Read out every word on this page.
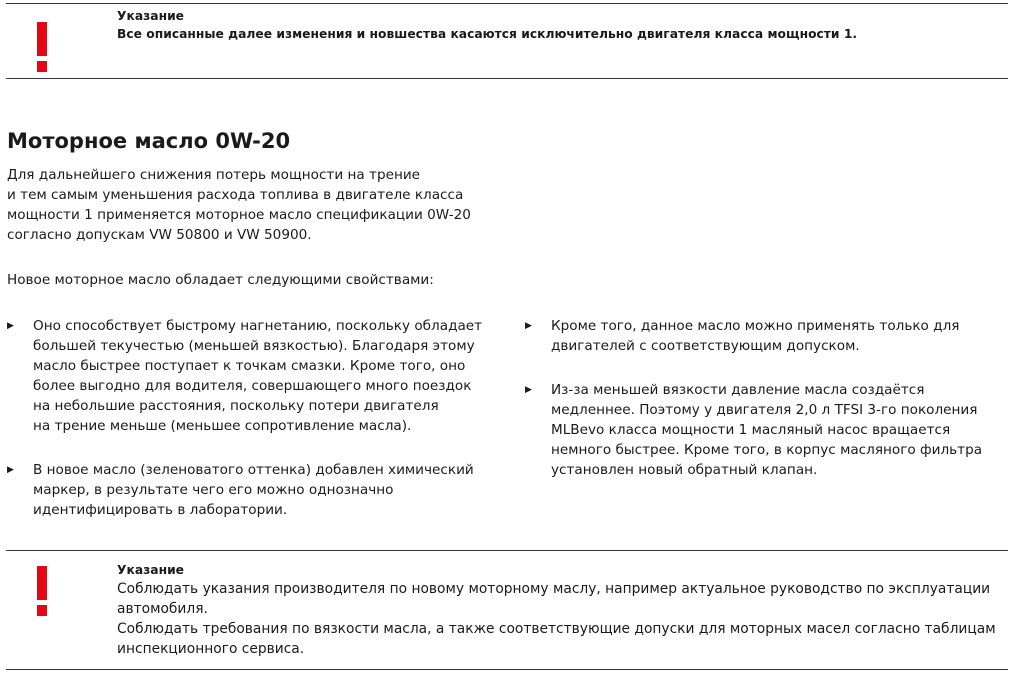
Указание
Все описанные далее изменения и новшества касаются исключительно двигателя класса мощности 1.
Моторное масло 0W-20
Для дальнейшего снижения потерь мощности на трение
и тем самым уменьшения расхода топлива в двигателе класса
мощности 1 применяется моторное масло спецификации 0W-20
согласно допускам VW 50800 и VW 50900.
Новое моторное масло обладает следующими свойствами:
▶ Оно способствует быстрому нагнетанию, поскольку обладает
большей текучестью (меньшей вязкостью). Благодаря этому
масло быстрее поступает к точкам смазки. Кроме того, оно
более выгодно для водителя, совершающего много поездок
на небольшие расстояния, поскольку потери двигателя
на трение меньше (меньшее сопротивление масла).
▶ В новое масло (зеленоватого оттенка) добавлен химический
маркер, в результате чего его можно однозначно
идентифицировать в лаборатории.
▶ Кроме того, данное масло можно применять только для
двигателей с соответствующим допуском.
▶ Из-за меньшей вязкости давление масла создаётся
медленнее. Поэтому у двигателя 2,0 л TFSI 3-го поколения
MLBevo класса мощности 1 масляный насос вращается
немного быстрее. Кроме того, в корпус масляного фильтра
установлен новый обратный клапан.
Указание
Соблюдать указания производителя по новому моторному маслу, например актуальное руководство по эксплуатации
автомобиля.
Соблюдать требования по вязкости масла, а также соответствующие допуски для моторных масел согласно таблицам
инспекционного сервиса.
